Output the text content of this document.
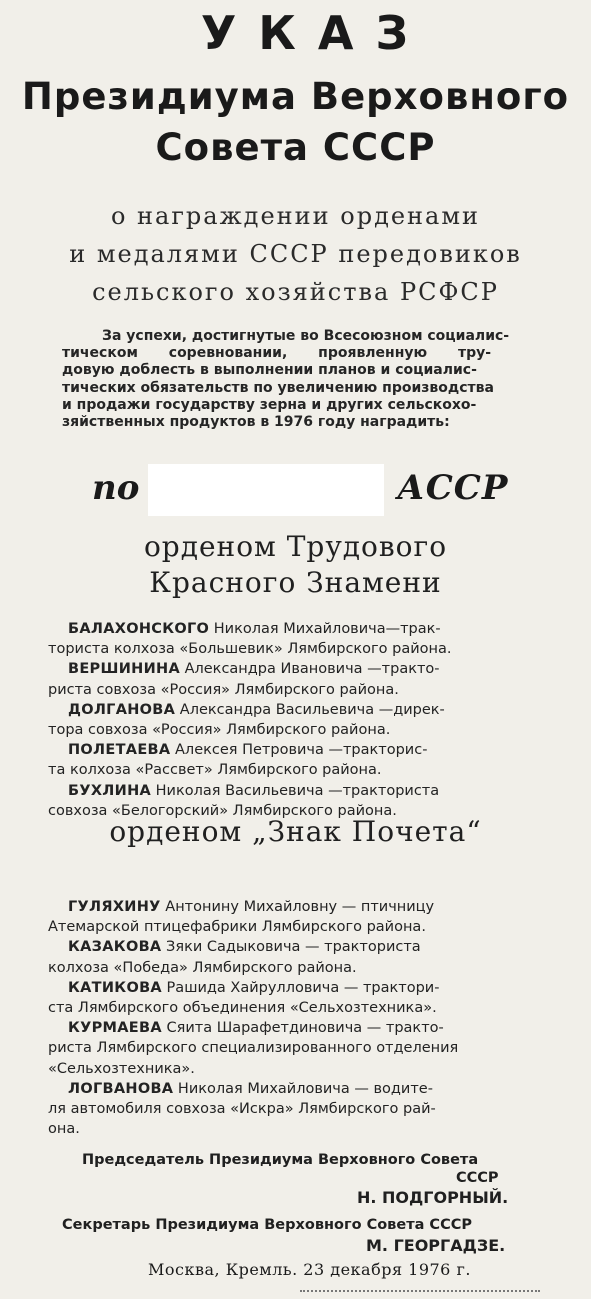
УКАЗ
Президиума Верховного
Совета СССР
о награждении орденами
и медалями СССР передовиков
сельского хозяйства РСФСР
За успехи, достигнутые во Всесоюзном социалис-
тическом соревновании, проявленную тру-
довую доблесть в выполнении планов и социалис-
тических обязательств по увеличению производства
и продажи государству зерна и других сельскохо-
зяйственных продуктов в 1976 году наградить:
по	АССР
орденом Трудового
Красного Знамени
БАЛАХОНСКОГО Николая Михайловича—трак-
ториста колхоза «Большевик» Лямбирского района.
ВЕРШИНИНА Александра Ивановича —тракто-
риста совхоза «Россия» Лямбирского района.
ДОЛГАНОВА Александра Васильевича —дирек-
тора совхоза «Россия» Лямбирского района.
ПОЛЕТАЕВА Алексея Петровича —тракторис-
та колхоза «Рассвет» Лямбирского района.
БУХЛИНА Николая Васильевича —тракториста
совхоза «Белогорский» Лямбирского района.
орденом „Знак Почета“
ГУЛЯХИНУ Антонину Михайловну — птичницу
Атемарской птицефабрики Лямбирского района.
КАЗАКОВА Зяки Садыковича — тракториста
колхоза «Победа» Лямбирского района.
КАТИКОВА Рашида Хайрулловича — трактори-
ста Лямбирского объединения «Сельхозтехника».
КУРМАЕВА Сяита Шарафетдиновича — тракто-
риста Лямбирского специализированного отделения
«Сельхозтехника».
ЛОГВАНОВА Николая Михайловича — водите-
ля автомобиля совхоза «Искра» Лямбирского рай-
она.
Председатель Президиума Верховного Совета
СССР
Н. ПОДГОРНЫЙ.
Секретарь Президиума Верховного Совета СССР
М. ГЕОРГАДЗЕ.
Москва, Кремль. 23 декабря 1976 г.
